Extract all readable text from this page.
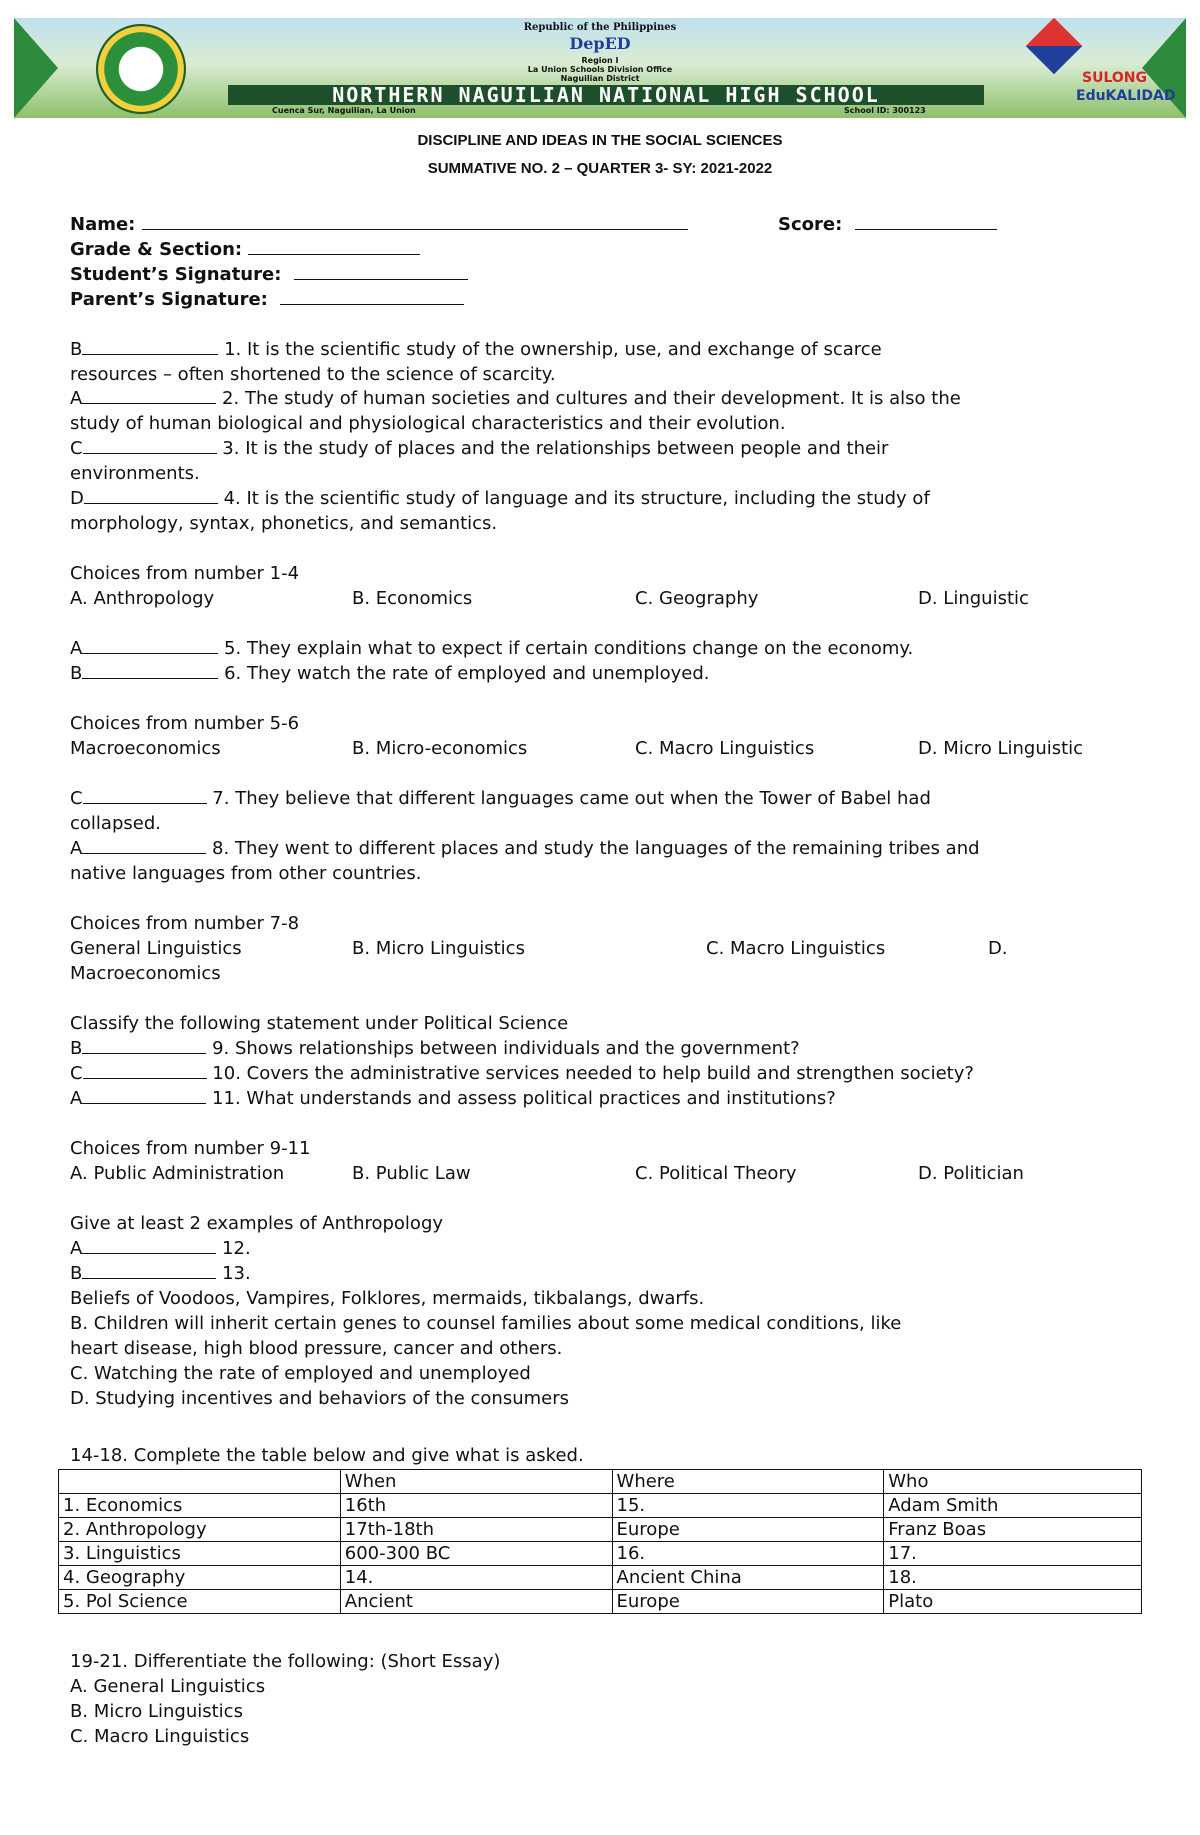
Republic of the Philippines
DepED
Region I
La Union Schools Division Office
Naguilian District
NORTHERN NAGUILIAN NATIONAL HIGH SCHOOL
Cuenca Sur, Naguilian, La Union	School ID: 300123
SULONG
EduKALIDAD
DISCIPLINE AND IDEAS IN THE SOCIAL SCIENCES
SUMMATIVE NO. 2 – QUARTER 3- SY: 2021-2022
Name:	Score:
Grade & Section:
Student’s Signature:
Parent’s Signature:
B	1. It is the scientific study of the ownership, use, and exchange of scarce
resources – often shortened to the science of scarcity.
A	2. The study of human societies and cultures and their development. It is also the
study of human biological and physiological characteristics and their evolution.
C	3. It is the study of places and the relationships between people and their
environments.
D	4. It is the scientific study of language and its structure, including the study of
morphology, syntax, phonetics, and semantics.
Choices from number 1-4
A. Anthropology	B. Economics	C. Geography	D. Linguistic
A	5. They explain what to expect if certain conditions change on the economy.
B	6. They watch the rate of employed and unemployed.
Choices from number 5-6
Macroeconomics	B. Micro-economics	C. Macro Linguistics	D. Micro Linguistic
C	7. They believe that different languages came out when the Tower of Babel had
collapsed.
A	8. They went to different places and study the languages of the remaining tribes and
native languages from other countries.
Choices from number 7-8
General Linguistics	B. Micro Linguistics	C. Macro Linguistics	D.
Macroeconomics
Classify the following statement under Political Science
B	9. Shows relationships between individuals and the government?
C	10. Covers the administrative services needed to help build and strengthen society?
A	11. What understands and assess political practices and institutions?
Choices from number 9-11
A. Public Administration	B. Public Law	C. Political Theory	D. Politician
Give at least 2 examples of Anthropology
A	12.
B	13.
Beliefs of Voodoos, Vampires, Folklores, mermaids, tikbalangs, dwarfs.
B. Children will inherit certain genes to counsel families about some medical conditions, like
heart disease, high blood pressure, cancer and others.
C. Watching the rate of employed and unemployed
D. Studying incentives and behaviors of the consumers
14-18. Complete the table below and give what is asked.
	When	Where	Who
1. Economics	16th	15.	Adam Smith
2. Anthropology	17th-18th	Europe	Franz Boas
3. Linguistics	600-300 BC	16.	17.
4. Geography	14.	Ancient China	18.
5. Pol Science	Ancient	Europe	Plato
19-21. Differentiate the following: (Short Essay)
A. General Linguistics
B. Micro Linguistics
C. Macro Linguistics
